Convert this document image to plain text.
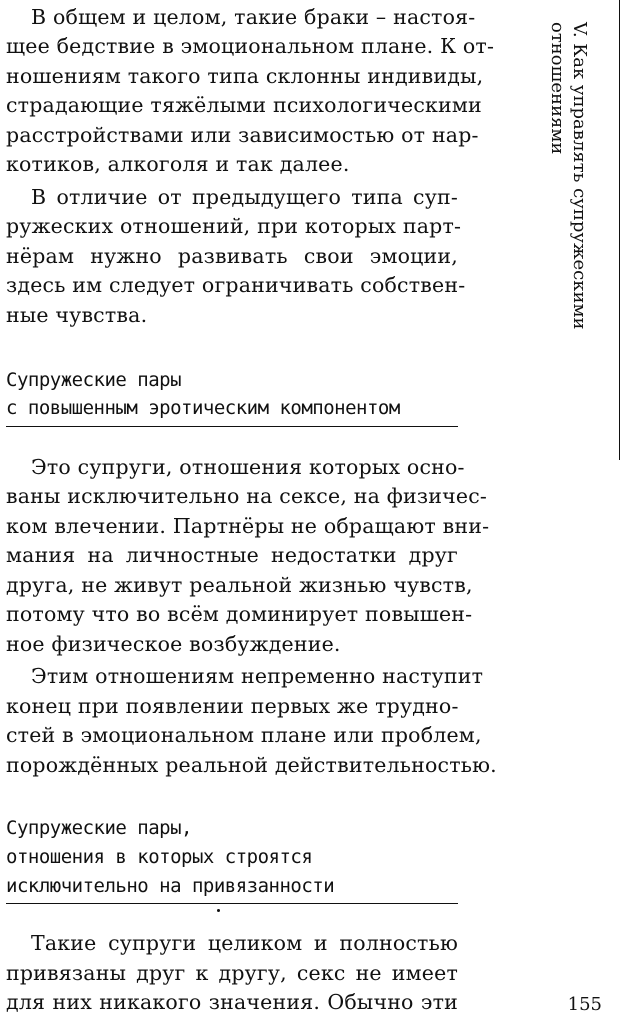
В общем и целом, такие браки – настоя-
щее бедствие в эмоциональном плане. К от-
ношениям такого типа склонны индивиды,
страдающие тяжёлыми психологическими
расстройствами или зависимостью от нар-
котиков, алкоголя и так далее.
В отличие от предыдущего типа суп-
ружеских отношений, при которых парт-
нёрам нужно развивать свои эмоции,
здесь им следует ограничивать собствен-
ные чувства.
Супружеские пары
с повышенным эротическим компонентом
Это супруги, отношения которых осно-
ваны исключительно на сексе, на физичес-
ком влечении. Партнёры не обращают вни-
мания на личностные недостатки друг
друга, не живут реальной жизнью чувств,
потому что во всём доминирует повышен-
ное физическое возбуждение.
Этим отношениям непременно наступит
конец при появлении первых же трудно-
стей в эмоциональном плане или проблем,
порождённых реальной действительностью.
Супружеские пары,
отношения в которых строятся
исключительно на привязанности
Такие супруги целиком и полностью
привязаны друг к другу, секс не имеет
для них никакого значения. Обычно эти
V. Как управлять супружескими
отношениями
155
